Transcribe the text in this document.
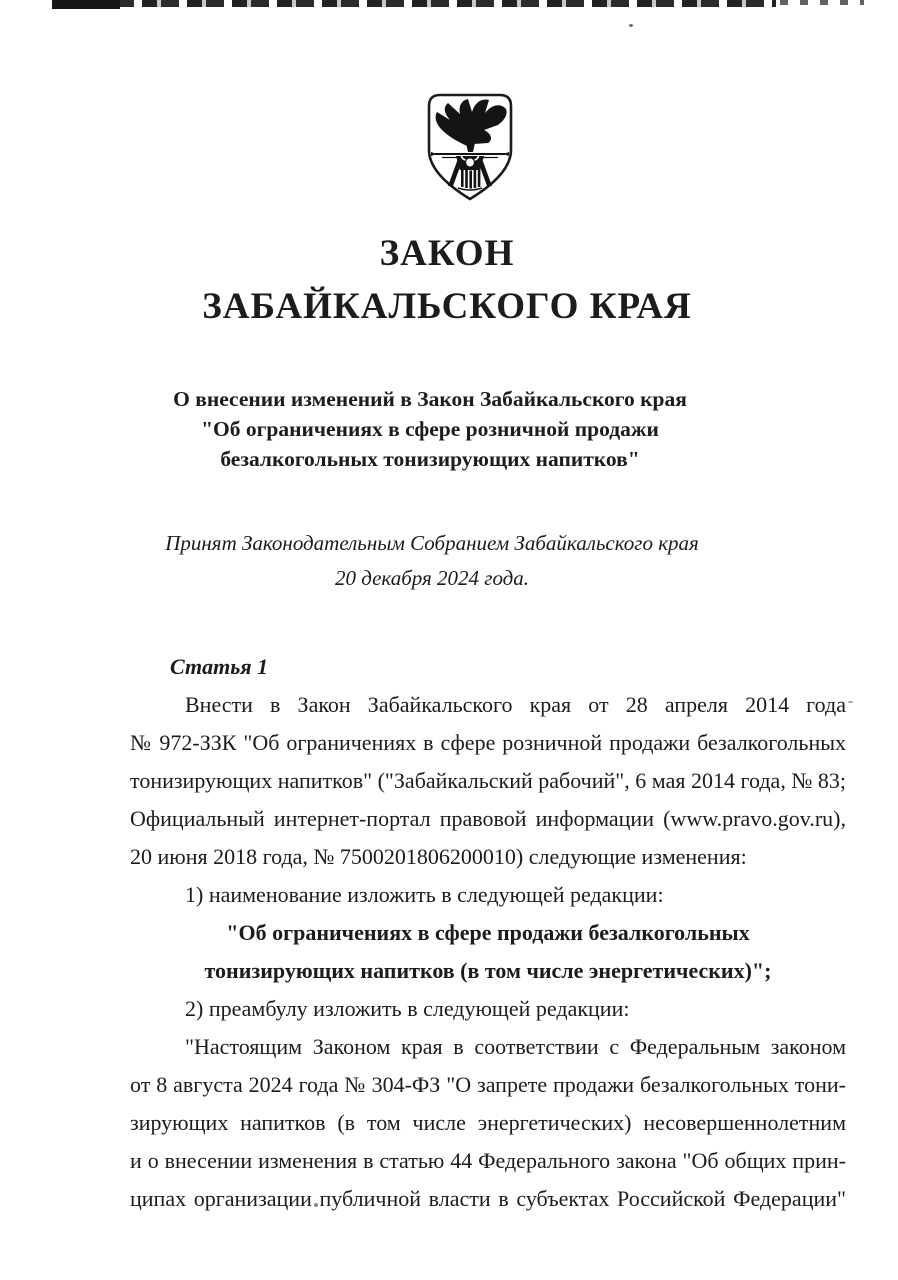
ЗАКОН
ЗАБАЙКАЛЬСКОГО КРАЯ
О внесении изменений в Закон Забайкальского края
"Об ограничениях в сфере розничной продажи
безалкогольных тонизирующих напитков"
Принят Законодательным Собранием Забайкальского края
20 декабря 2024 года.
Статья 1
Внести в Закон Забайкальского края от 28 апреля 2014 года
№ 972-ЗЗК "Об ограничениях в сфере розничной продажи безалкогольных
тонизирующих напитков" ("Забайкальский рабочий", 6 мая 2014 года, № 83;
Официальный интернет-портал правовой информации (www.pravo.gov.ru),
20 июня 2018 года, № 7500201806200010) следующие изменения:
1) наименование изложить в следующей редакции:
"Об ограничениях в сфере продажи безалкогольных
тонизирующих напитков (в том числе энергетических)";
2) преамбулу изложить в следующей редакции:
"Настоящим Законом края в соответствии с Федеральным законом
от 8 августа 2024 года № 304-ФЗ "О запрете продажи безалкогольных тони-
зирующих напитков (в том числе энергетических) несовершеннолетним
и о внесении изменения в статью 44 Федерального закона "Об общих прин-
ципах организации публичной власти в субъектах Российской Федерации"
